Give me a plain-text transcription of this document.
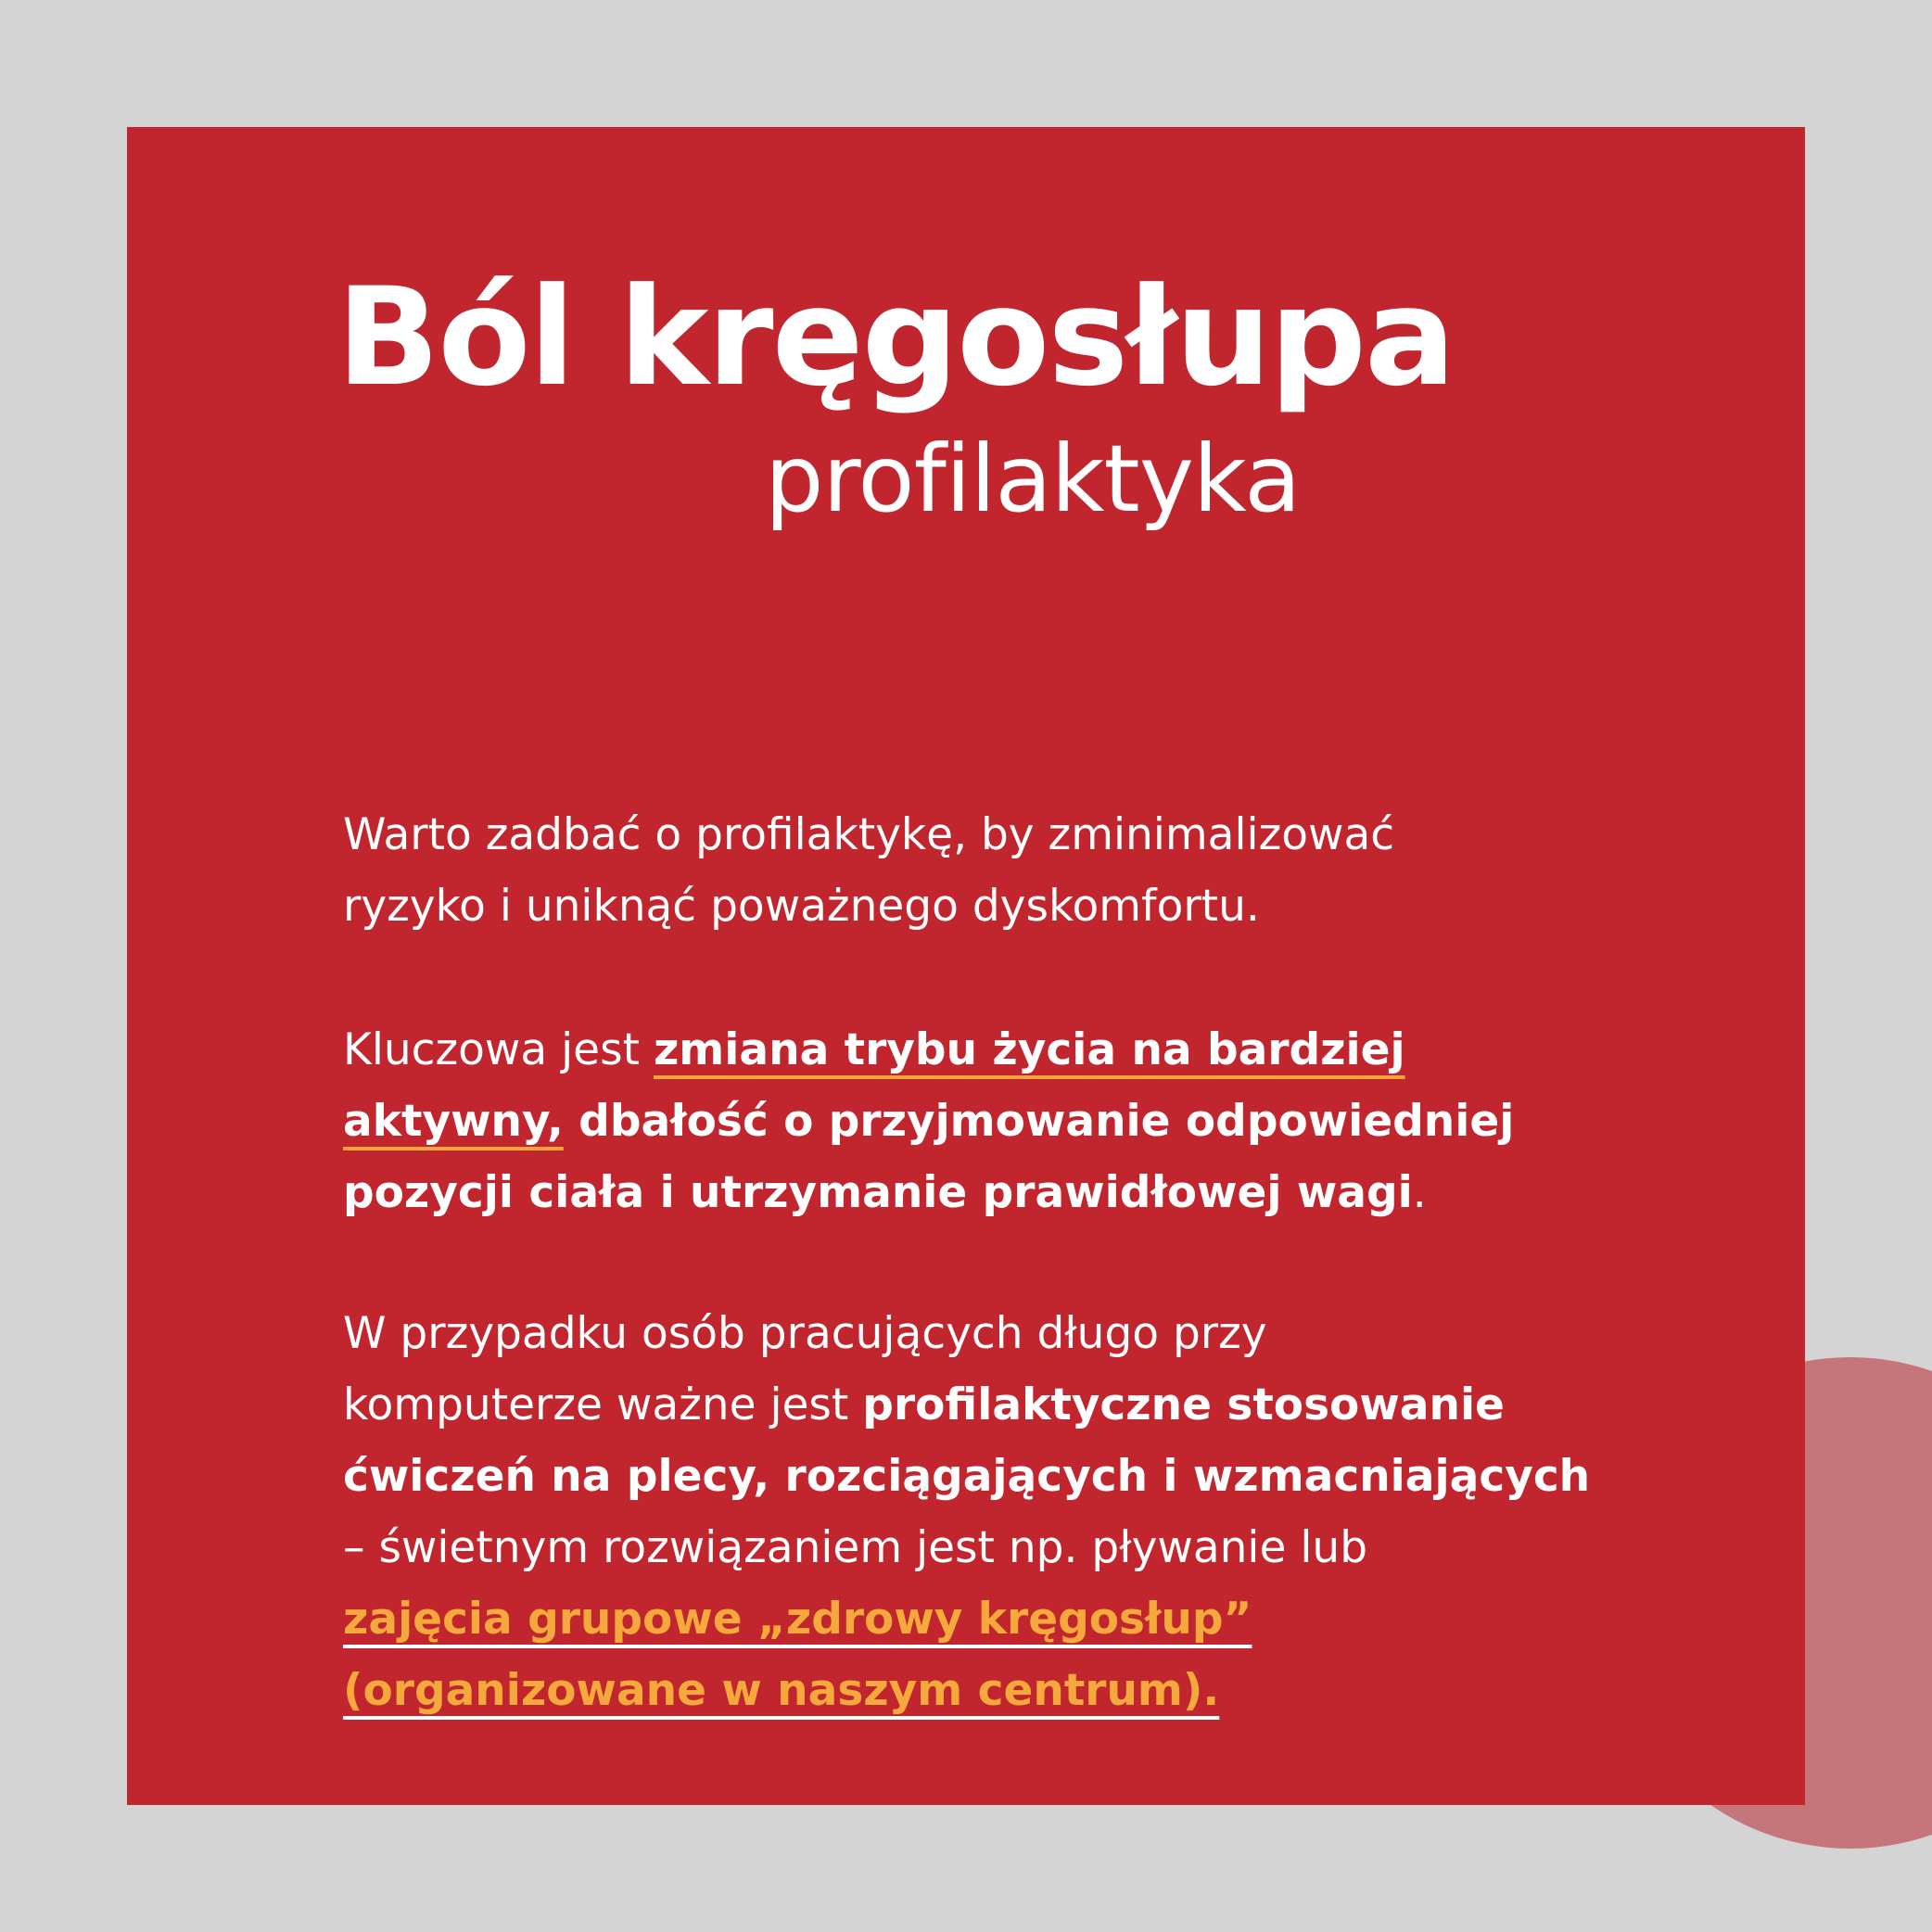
Ból kręgosłupa
profilaktyka

Warto zadbać o profilaktykę, by zminimalizować
ryzyko i uniknąć poważnego dyskomfortu.

Kluczowa jest zmiana trybu życia na bardziej
aktywny, dbałość o przyjmowanie odpowiedniej
pozycji ciała i utrzymanie prawidłowej wagi.

W przypadku osób pracujących długo przy
komputerze ważne jest profilaktyczne stosowanie
ćwiczeń na plecy, rozciągających i wzmacniających
– świetnym rozwiązaniem jest np. pływanie lub
zajęcia grupowe „zdrowy kręgosłup”
(organizowane w naszym centrum).
